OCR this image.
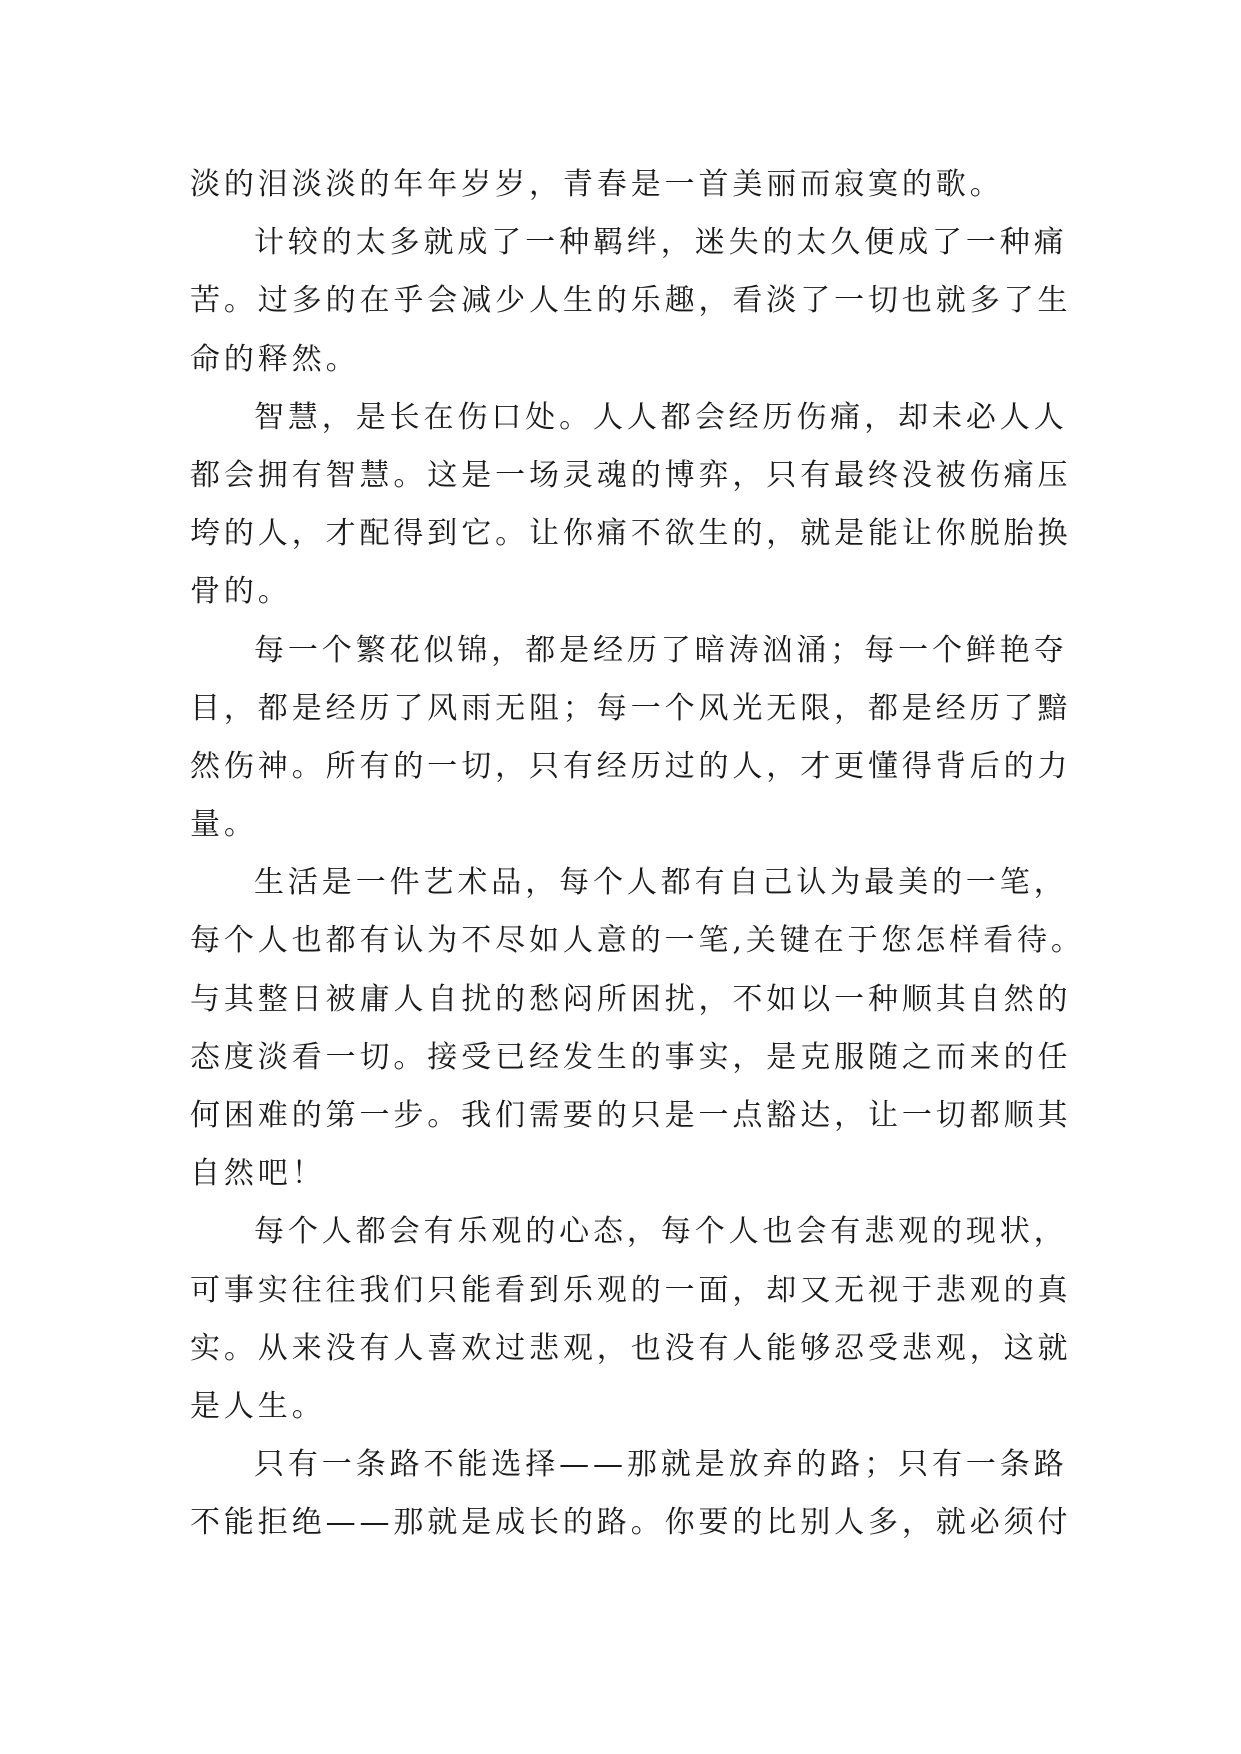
淡的泪淡淡的年年岁岁，青春是一首美丽而寂寞的歌。
计较的太多就成了一种羁绊，迷失的太久便成了一种痛
苦。过多的在乎会减少人生的乐趣，看淡了一切也就多了生
命的释然。
智慧，是长在伤口处。人人都会经历伤痛，却未必人人
都会拥有智慧。这是一场灵魂的博弈，只有最终没被伤痛压
垮的人，才配得到它。让你痛不欲生的，就是能让你脱胎换
骨的。
每一个繁花似锦，都是经历了暗涛汹涌；每一个鲜艳夺
目，都是经历了风雨无阻；每一个风光无限，都是经历了黯
然伤神。所有的一切，只有经历过的人，才更懂得背后的力
量。
生活是一件艺术品，每个人都有自己认为最美的一笔，
每个人也都有认为不尽如人意的一笔,关键在于您怎样看待。
与其整日被庸人自扰的愁闷所困扰，不如以一种顺其自然的
态度淡看一切。接受已经发生的事实，是克服随之而来的任
何困难的第一步。我们需要的只是一点豁达，让一切都顺其
自然吧！
每个人都会有乐观的心态，每个人也会有悲观的现状，
可事实往往我们只能看到乐观的一面，却又无视于悲观的真
实。从来没有人喜欢过悲观，也没有人能够忍受悲观，这就
是人生。
只有一条路不能选择——那就是放弃的路；只有一条路
不能拒绝——那就是成长的路。你要的比别人多，就必须付
